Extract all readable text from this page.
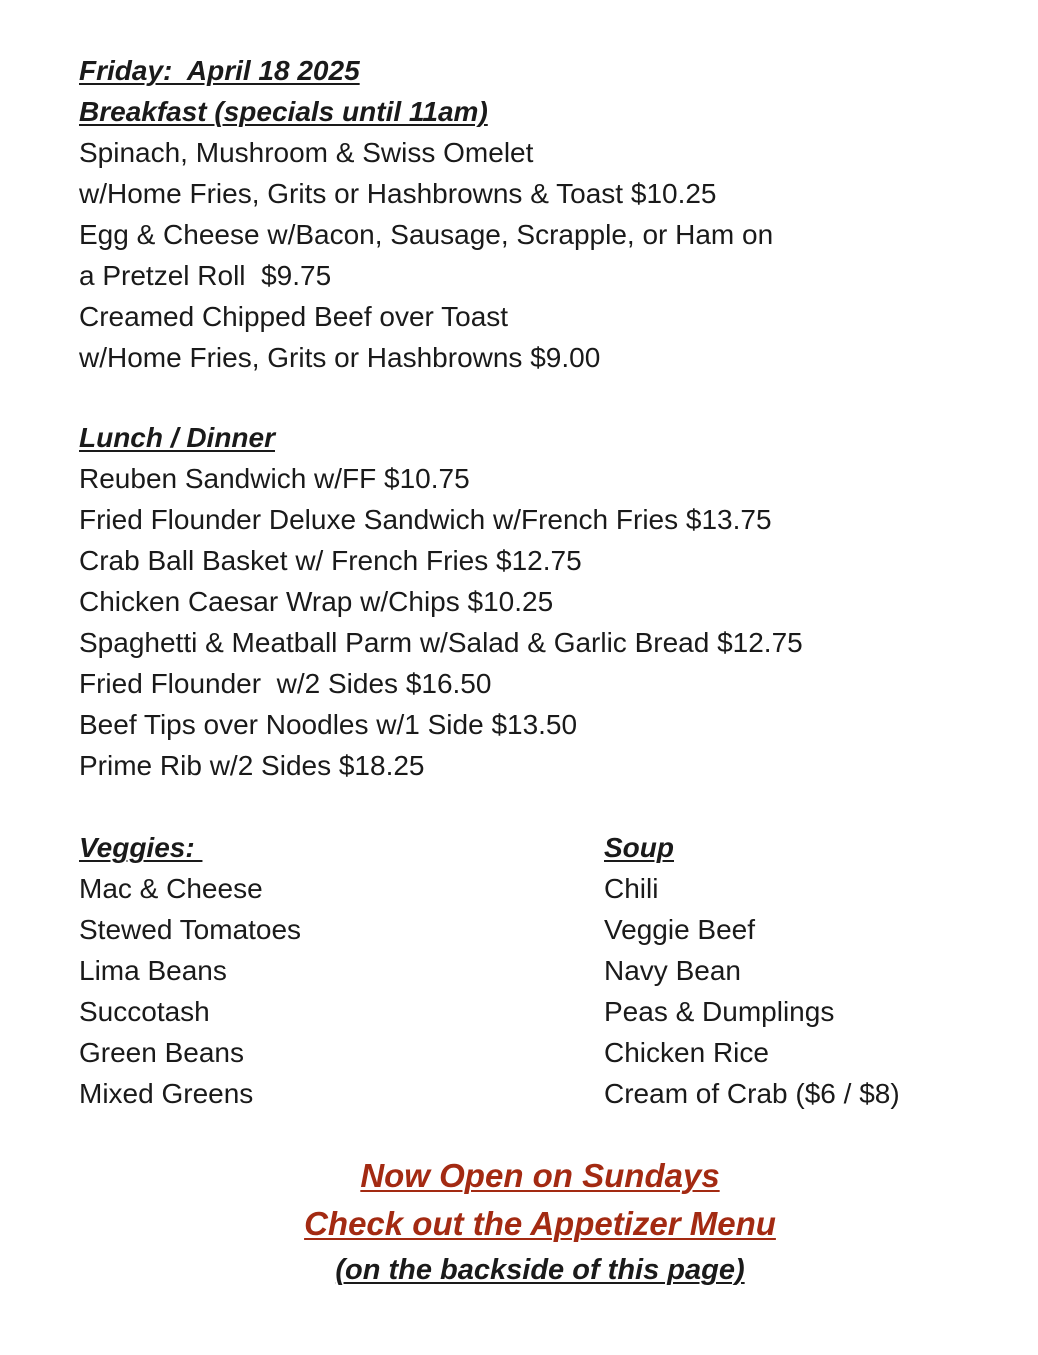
Friday:  April 18 2025
Breakfast (specials until 11am)
Spinach, Mushroom & Swiss Omelet
w/Home Fries, Grits or Hashbrowns & Toast $10.25
Egg & Cheese w/Bacon, Sausage, Scrapple, or Ham on
a Pretzel Roll  $9.75
Creamed Chipped Beef over Toast
w/Home Fries, Grits or Hashbrowns $9.00
Lunch / Dinner
Reuben Sandwich w/FF $10.75
Fried Flounder Deluxe Sandwich w/French Fries $13.75
Crab Ball Basket w/ French Fries $12.75
Chicken Caesar Wrap w/Chips $10.25
Spaghetti & Meatball Parm w/Salad & Garlic Bread $12.75
Fried Flounder  w/2 Sides $16.50
Beef Tips over Noodles w/1 Side $13.50
Prime Rib w/2 Sides $18.25
Veggies:
Mac & Cheese
Stewed Tomatoes
Lima Beans
Succotash
Green Beans
Mixed Greens
Soup
Chili
Veggie Beef
Navy Bean
Peas & Dumplings
Chicken Rice
Cream of Crab ($6 / $8)
Now Open on Sundays
Check out the Appetizer Menu
(on the backside of this page)
